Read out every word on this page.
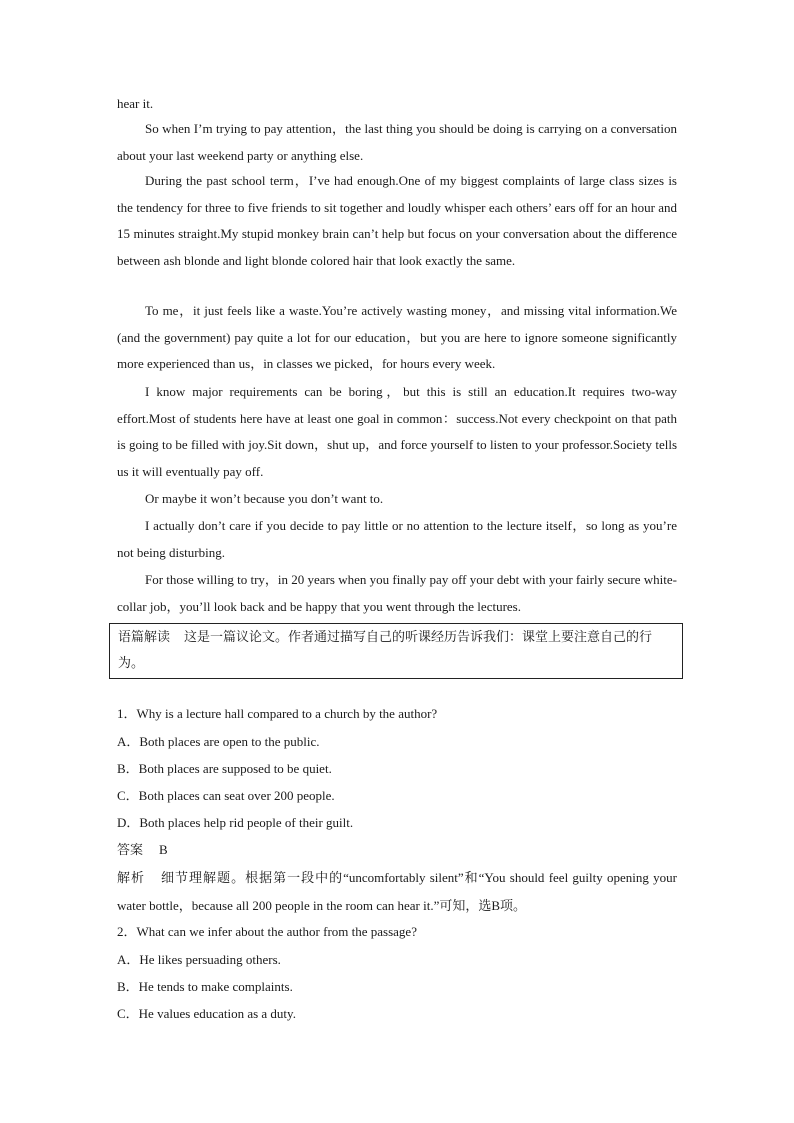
hear it.

So when I’m trying to pay attention，the last thing you should be doing is carrying on a conversation about your last weekend party or anything else.

During the past school term，I’ve had enough.One of my biggest complaints of large class sizes is the tendency for three to five friends to sit together and loudly whisper each others’ ears off for an hour and 15 minutes straight.My stupid monkey brain can’t help but focus on your conversation about the difference between ash blonde and light blonde colored hair that look exactly the same.

To me，it just feels like a waste.You’re actively wasting money，and missing vital information.We (and the government) pay quite a lot for our education，but you are here to ignore someone significantly more experienced than us，in classes we picked，for hours every week.

I know major requirements can be boring，but this is still an education.It requires two-way effort.Most of students here have at least one goal in common：success.Not every checkpoint on that path is going to be filled with joy.Sit down，shut up，and force yourself to listen to your professor.Society tells us it will eventually pay off.

Or maybe it won’t because you don’t want to.

I actually don’t care if you decide to pay little or no attention to the lecture itself，so long as you’re not being disturbing.

For those willing to try，in 20 years when you finally pay off your debt with your fairly secure white-collar job，you’ll look back and be happy that you went through the lectures.

语篇解读 这是一篇议论文。作者通过描写自己的听课经历告诉我们：课堂上要注意自己的行为。

1．Why is a lecture hall compared to a church by the author?

A．Both places are open to the public.

B．Both places are supposed to be quiet.

C．Both places can seat over 200 people.

D．Both places help rid people of their guilt.

答案 B

解析 细节理解题。根据第一段中的“uncomfortably silent”和“You should feel guilty opening your water bottle，because all 200 people in the room can hear it.”可知，选B项。

2．What can we infer about the author from the passage?

A．He likes persuading others.

B．He tends to make complaints.

C．He values education as a duty.
